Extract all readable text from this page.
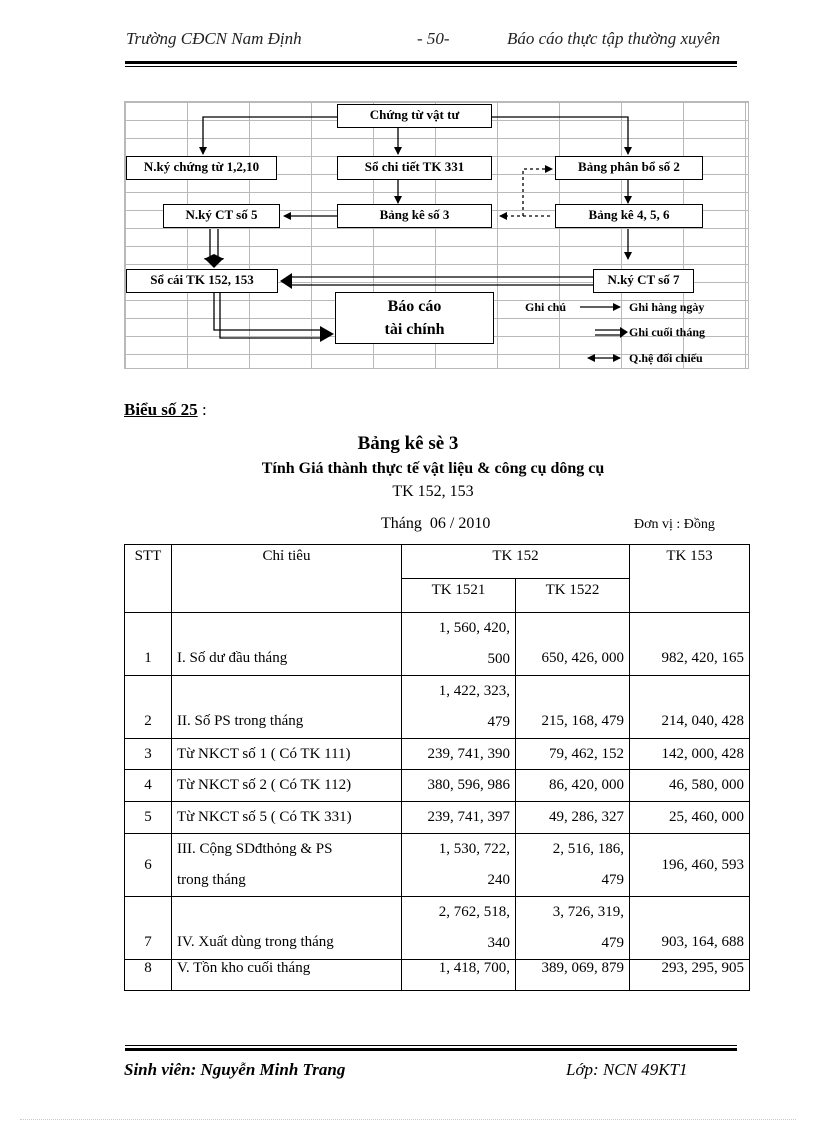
Trường CĐCN Nam Định	- 50-	Báo cáo thực tập thường xuyên
Chứng từ vật tư
N.ký chứng từ 1,2,10	Sổ chi tiết TK 331	Bảng phân bổ số 2
N.ký CT số 5	Bảng kê số 3	Bảng kê 4, 5, 6
Sổ cái TK 152, 153	N.ký CT số 7
Báo cáo
tài chính
Ghi chú	Ghi hàng ngày
Ghi cuối tháng
Q.hệ đối chiếu
Biểu số 25 :
Bảng kê sè 3
Tính Giá thành thực tế vật liệu & công cụ dông cụ
TK 152, 153
Tháng  06 / 2010	Đơn vị : Đồng
STT	Chỉ tiêu	TK 152		TK 153
		TK 1521	TK 1522	
1	I. Số dư đầu tháng	1, 560, 420,	650, 426, 000	982, 420, 165
		500		
2	II. Số PS trong tháng	1, 422, 323,	215, 168, 479	214, 040, 428
		479		
3	Từ NKCT số 1 ( Có TK 111)	239, 741, 390	79, 462, 152	142, 000, 428
4	Từ NKCT số 2 ( Có TK 112)	380, 596, 986	86, 420, 000	46, 580, 000
5	Từ NKCT số 5 ( Có TK 331)	239, 741, 397	49, 286, 327	25, 460, 000
6	III. Cộng SDđthỏng & PS	1, 530, 722,	2, 516, 186,	196, 460, 593
	trong tháng	240	479	
7	IV. Xuất dùng trong tháng	2, 762, 518,	3, 726, 319,	903, 164, 688
		340	479	
8	V. Tồn kho cuối tháng	1, 418, 700,	389, 069, 879	293, 295, 905
Sinh viên: Nguyễn Minh Trang	Lớp: NCN 49KT1
